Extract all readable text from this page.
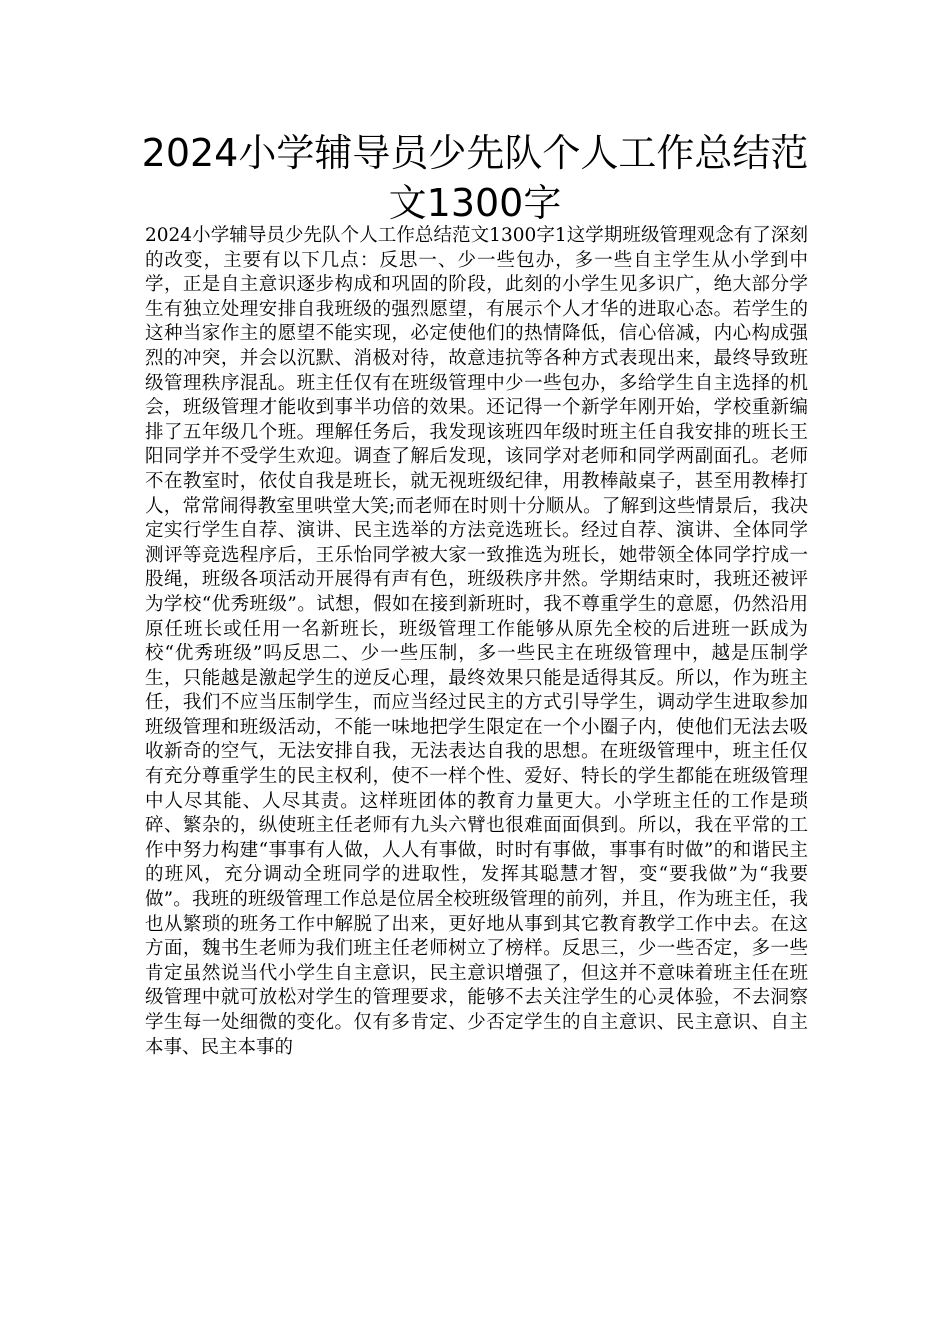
2024小学辅导员少先队个人工作总结范文1300字

2024小学辅导员少先队个人工作总结范文1300字1这学期班级管理观念有了深刻的改变，主要有以下几点：反思一、少一些包办，多一些自主学生从小学到中学，正是自主意识逐步构成和巩固的阶段，此刻的小学生见多识广，绝大部分学生有独立处理安排自我班级的强烈愿望，有展示个人才华的进取心态。若学生的这种当家作主的愿望不能实现，必定使他们的热情降低，信心倍减，内心构成强烈的冲突，并会以沉默、消极对待，故意违抗等各种方式表现出来，最终导致班级管理秩序混乱。班主任仅有在班级管理中少一些包办，多给学生自主选择的机会，班级管理才能收到事半功倍的效果。还记得一个新学年刚开始，学校重新编排了五年级几个班。理解任务后，我发现该班四年级时班主任自我安排的班长王阳同学并不受学生欢迎。调查了解后发现，该同学对老师和同学两副面孔。老师不在教室时，依仗自我是班长，就无视班级纪律，用教棒敲桌子，甚至用教棒打人，常常闹得教室里哄堂大笑;而老师在时则十分顺从。了解到这些情景后，我决定实行学生自荐、演讲、民主选举的方法竞选班长。经过自荐、演讲、全体同学测评等竞选程序后，王乐怡同学被大家一致推选为班长，她带领全体同学拧成一股绳，班级各项活动开展得有声有色，班级秩序井然。学期结束时，我班还被评为学校“优秀班级”。试想，假如在接到新班时，我不尊重学生的意愿，仍然沿用原任班长或任用一名新班长，班级管理工作能够从原先全校的后进班一跃成为校“优秀班级”吗反思二、少一些压制，多一些民主在班级管理中，越是压制学生，只能越是激起学生的逆反心理，最终效果只能是适得其反。所以，作为班主任，我们不应当压制学生，而应当经过民主的方式引导学生，调动学生进取参加班级管理和班级活动，不能一味地把学生限定在一个小圈子内，使他们无法去吸收新奇的空气，无法安排自我，无法表达自我的思想。在班级管理中，班主任仅有充分尊重学生的民主权利，使不一样个性、爱好、特长的学生都能在班级管理中人尽其能、人尽其责。这样班团体的教育力量更大。小学班主任的工作是琐碎、繁杂的，纵使班主任老师有九头六臂也很难面面俱到。所以，我在平常的工作中努力构建“事事有人做，人人有事做，时时有事做，事事有时做”的和谐民主的班风，充分调动全班同学的进取性，发挥其聪慧才智，变“要我做”为“我要做”。我班的班级管理工作总是位居全校班级管理的前列，并且，作为班主任，我也从繁琐的班务工作中解脱了出来，更好地从事到其它教育教学工作中去。在这方面，魏书生老师为我们班主任老师树立了榜样。反思三，少一些否定，多一些肯定虽然说当代小学生自主意识，民主意识增强了，但这并不意味着班主任在班级管理中就可放松对学生的管理要求，能够不去关注学生的心灵体验，不去洞察学生每一处细微的变化。仅有多肯定、少否定学生的自主意识、民主意识、自主本事、民主本事的
